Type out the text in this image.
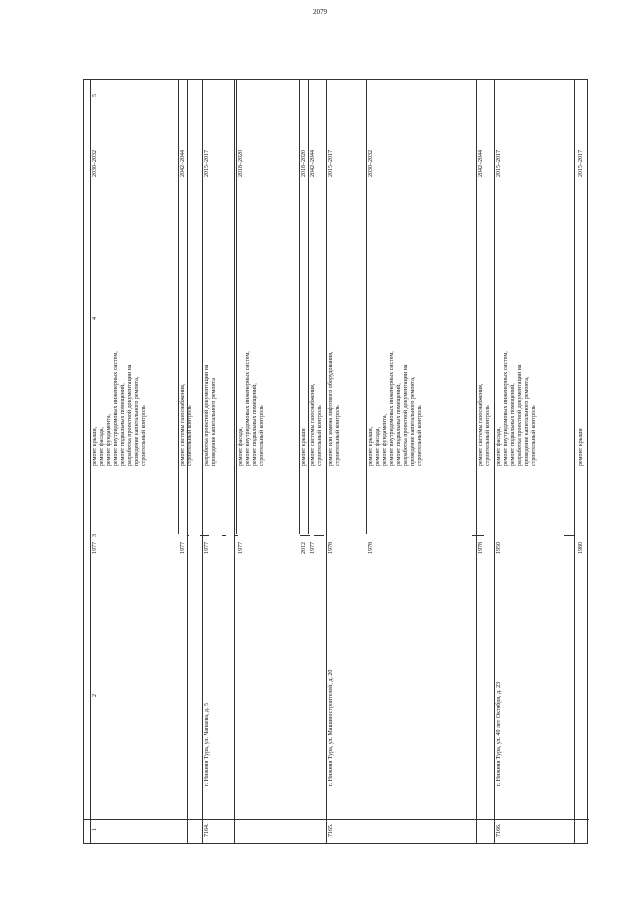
2079
5
4
3
2
1
2030–2032
ремонт крыши, ремонт фасада, ремонт фундамента, ремонт внутридомовых инженерных систем, ремонт подвальных помещений, разработка проектной документации на проведение капитального ремонта, строительный контроль
1977
2042–2044
ремонт системы газоснабжения, строительный контроль
1977
г. Нижняя Тура, ул. Чапаева, д. 5
7164.
2015–2017
разработка проектной документации на проведение капитального ремонта
1977
2018–2020
ремонт фасада, ремонт внутридомовых инженерных систем, ремонт подвальных помещений, строительный контроль
1977
2018–2020
ремонт крыши
2012
2042–2044
ремонт системы газоснабжения, строительный контроль
1977
г. Нижняя Тура, ул. Машиностроителей, д. 20
7165.
2015–2017
ремонт или замена лифтового оборудования, строительный контроль
1978
2030–2032
ремонт крыши, ремонт фасада, ремонт фундамента, ремонт внутридомовых инженерных систем, ремонт подвальных помещений, разработка проектной документации на проведение капитального ремонта, строительный контроль
1978
2042–2044
ремонт системы газоснабжения, строительный контроль
1978
г. Нижняя Тура, ул. 40 лет Октября, д. 23
7166.
2015–2017
ремонт фасада, ремонт внутридомовых инженерных систем, ремонт подвальных помещений, разработка проектной документации на проведение капитального ремонта, строительный контроль
1950
2015–2017
ремонт крыши
1980
